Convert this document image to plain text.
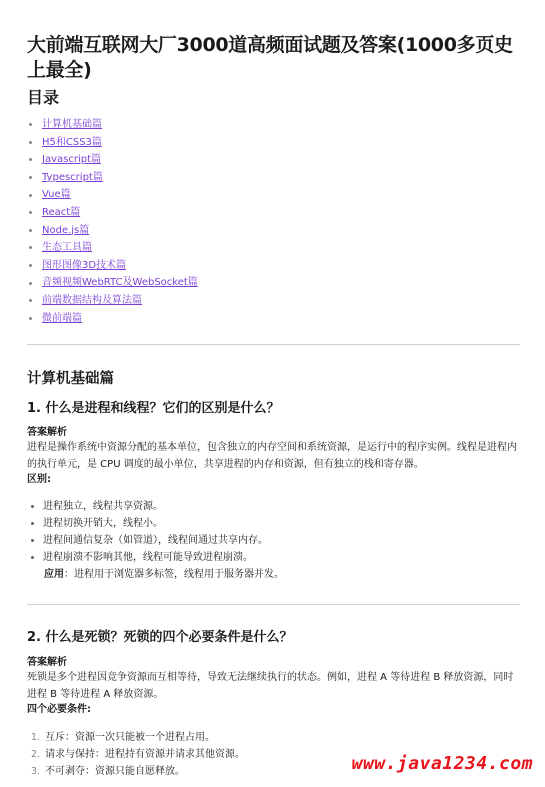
大前端互联网大厂3000道高频面试题及答案(1000多页史上最全)
目录
计算机基础篇
H5和CSS3篇
Javascript篇
Typescript篇
Vue篇
React篇
Node.js篇
生态工具篇
图形图像3D技术篇
音频视频WebRTC及WebSocket篇
前端数据结构及算法篇
微前端篇
计算机基础篇
1. 什么是进程和线程？它们的区别是什么？

答案解析

进程是操作系统中资源分配的基本单位，包含独立的内存空间和系统资源，是运行中的程序实例。线程是进程内的执行单元，是 CPU 调度的最小单位，共享进程的内存和资源，但有独立的栈和寄存器。

区别:

进程独立，线程共享资源。
进程切换开销大，线程小。
进程间通信复杂（如管道），线程间通过共享内存。
进程崩溃不影响其他，线程可能导致进程崩溃。

应用：进程用于浏览器多标签，线程用于服务器并发。

2. 什么是死锁？死锁的四个必要条件是什么？

答案解析

死锁是多个进程因竞争资源而互相等待，导致无法继续执行的状态。例如，进程 A 等待进程 B 释放资源，同时进程 B 等待进程 A 释放资源。

四个必要条件:

1. 互斥：资源一次只能被一个进程占用。
2. 请求与保持：进程持有资源并请求其他资源。
3. 不可剥夺：资源只能自愿释放。	www.java1234.com
